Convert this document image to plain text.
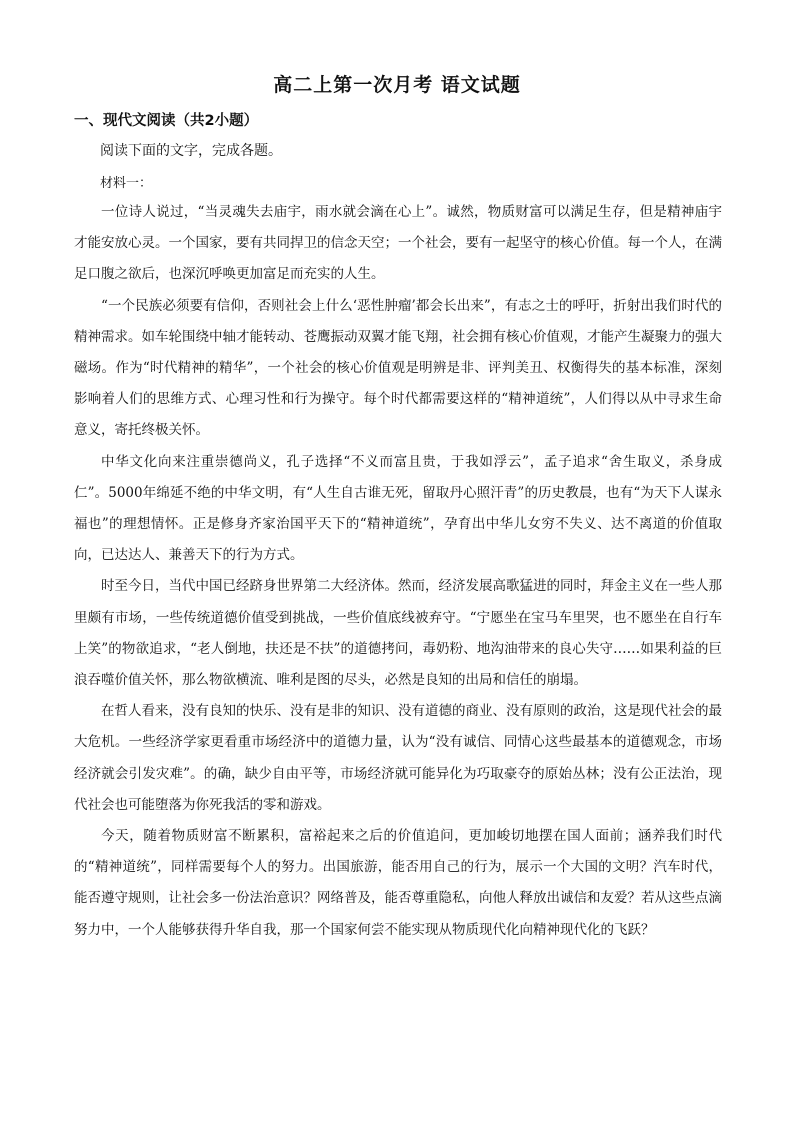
高二上第一次月考 语文试题
一、现代文阅读（共2小题）
阅读下面的文字，完成各题。
材料一：

一位诗人说过，“当灵魂失去庙宇，雨水就会滴在心上”。诚然，物质财富可以满足生存，但是精神庙宇才能安放心灵。一个国家，要有共同捍卫的信念天空；一个社会，要有一起坚守的核心价值。每一个人，在满足口腹之欲后，也深沉呼唤更加富足而充实的人生。

“一个民族必须要有信仰，否则社会上什么‘恶性肿瘤’都会长出来”，有志之士的呼吁，折射出我们时代的精神需求。如车轮围绕中轴才能转动、苍鹰振动双翼才能飞翔，社会拥有核心价值观，才能产生凝聚力的强大磁场。作为“时代精神的精华”，一个社会的核心价值观是明辨是非、评判美丑、权衡得失的基本标准，深刻影响着人们的思维方式、心理习性和行为操守。每个时代都需要这样的“精神道统”，人们得以从中寻求生命意义，寄托终极关怀。

中华文化向来注重崇德尚义，孔子选择“不义而富且贵，于我如浮云”，孟子追求“舍生取义，杀身成仁”。5000年绵延不绝的中华文明，有“人生自古谁无死，留取丹心照汗青”的历史教晨，也有“为天下人谋永福也”的理想情怀。正是修身齐家治国平天下的“精神道统”，孕育出中华儿女穷不失义、达不离道的价值取向，已达达人、兼善天下的行为方式。

时至今日，当代中国已经跻身世界第二大经济体。然而，经济发展高歌猛进的同时，拜金主义在一些人那里颇有市场，一些传统道德价值受到挑战，一些价值底线被弃守。“宁愿坐在宝马车里哭，也不愿坐在自行车上笑”的物欲追求，“老人倒地，扶还是不扶”的道德拷问，毒奶粉、地沟油带来的良心失守……如果利益的巨浪吞噬价值关怀，那么物欲横流、唯利是图的尽头，必然是良知的出局和信任的崩塌。

在哲人看来，没有良知的快乐、没有是非的知识、没有道德的商业、没有原则的政治，这是现代社会的最大危机。一些经济学家更看重市场经济中的道德力量，认为“没有诚信、同情心这些最基本的道德观念，市场经济就会引发灾难”。的确，缺少自由平等，市场经济就可能异化为巧取豪夺的原始丛林；没有公正法治，现代社会也可能堕落为你死我活的零和游戏。

今天，随着物质财富不断累积，富裕起来之后的价值追问，更加峻切地摆在国人面前；涵养我们时代的“精神道统”，同样需要每个人的努力。出国旅游，能否用自己的行为，展示一个大国的文明？汽车时代，能否遵守规则，让社会多一份法治意识？网络普及，能否尊重隐私，向他人释放出诚信和友爱？若从这些点滴努力中，一个人能够获得升华自我，那一个国家何尝不能实现从物质现代化向精神现代化的飞跃？
